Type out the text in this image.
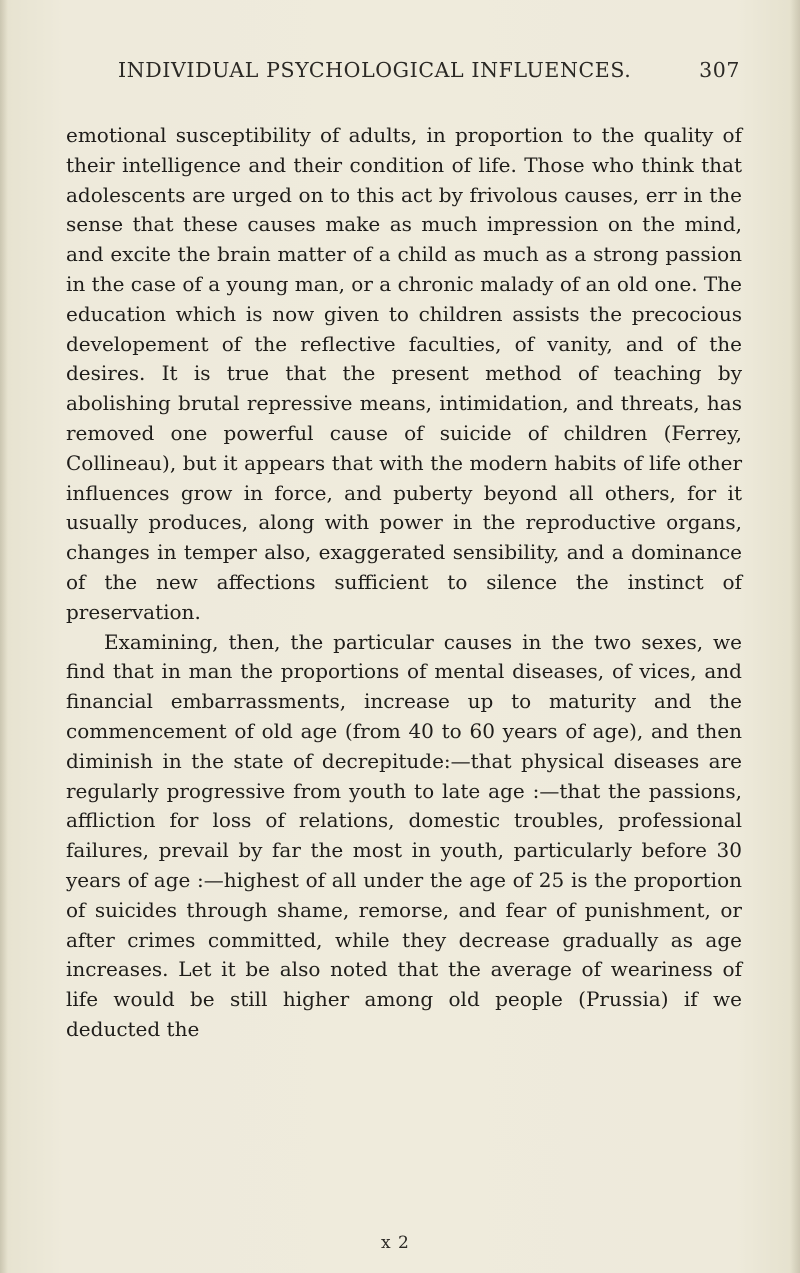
INDIVIDUAL PSYCHOLOGICAL INFLUENCES.	307

emotional susceptibility of adults, in proportion to the quality of their intelligence and their condition of life. Those who think that adolescents are urged on to this act by frivolous causes, err in the sense that these causes make as much impression on the mind, and excite the brain matter of a child as much as a strong passion in the case of a young man, or a chronic malady of an old one. The education which is now given to children assists the precocious developement of the reflective faculties, of vanity, and of the desires. It is true that the present method of teaching by abolishing brutal repressive means, intimidation, and threats, has removed one powerful cause of suicide of children (Ferrey, Collineau), but it appears that with the modern habits of life other influences grow in force, and puberty beyond all others, for it usually produces, along with power in the reproductive organs, changes in temper also, exaggerated sensibility, and a dominance of the new affections sufficient to silence the instinct of preservation.

Examining, then, the particular causes in the two sexes, we find that in man the proportions of mental diseases, of vices, and financial embarrassments, increase up to maturity and the commencement of old age (from 40 to 60 years of age), and then diminish in the state of decrepitude:—that physical diseases are regularly progressive from youth to late age :—that the passions, affliction for loss of relations, domestic troubles, professional failures, prevail by far the most in youth, particularly before 30 years of age :—highest of all under the age of 25 is the proportion of suicides through shame, remorse, and fear of punishment, or after crimes committed, while they decrease gradually as age increases. Let it be also noted that the average of weariness of life would be still higher among old people (Prussia) if we deducted the

x 2
